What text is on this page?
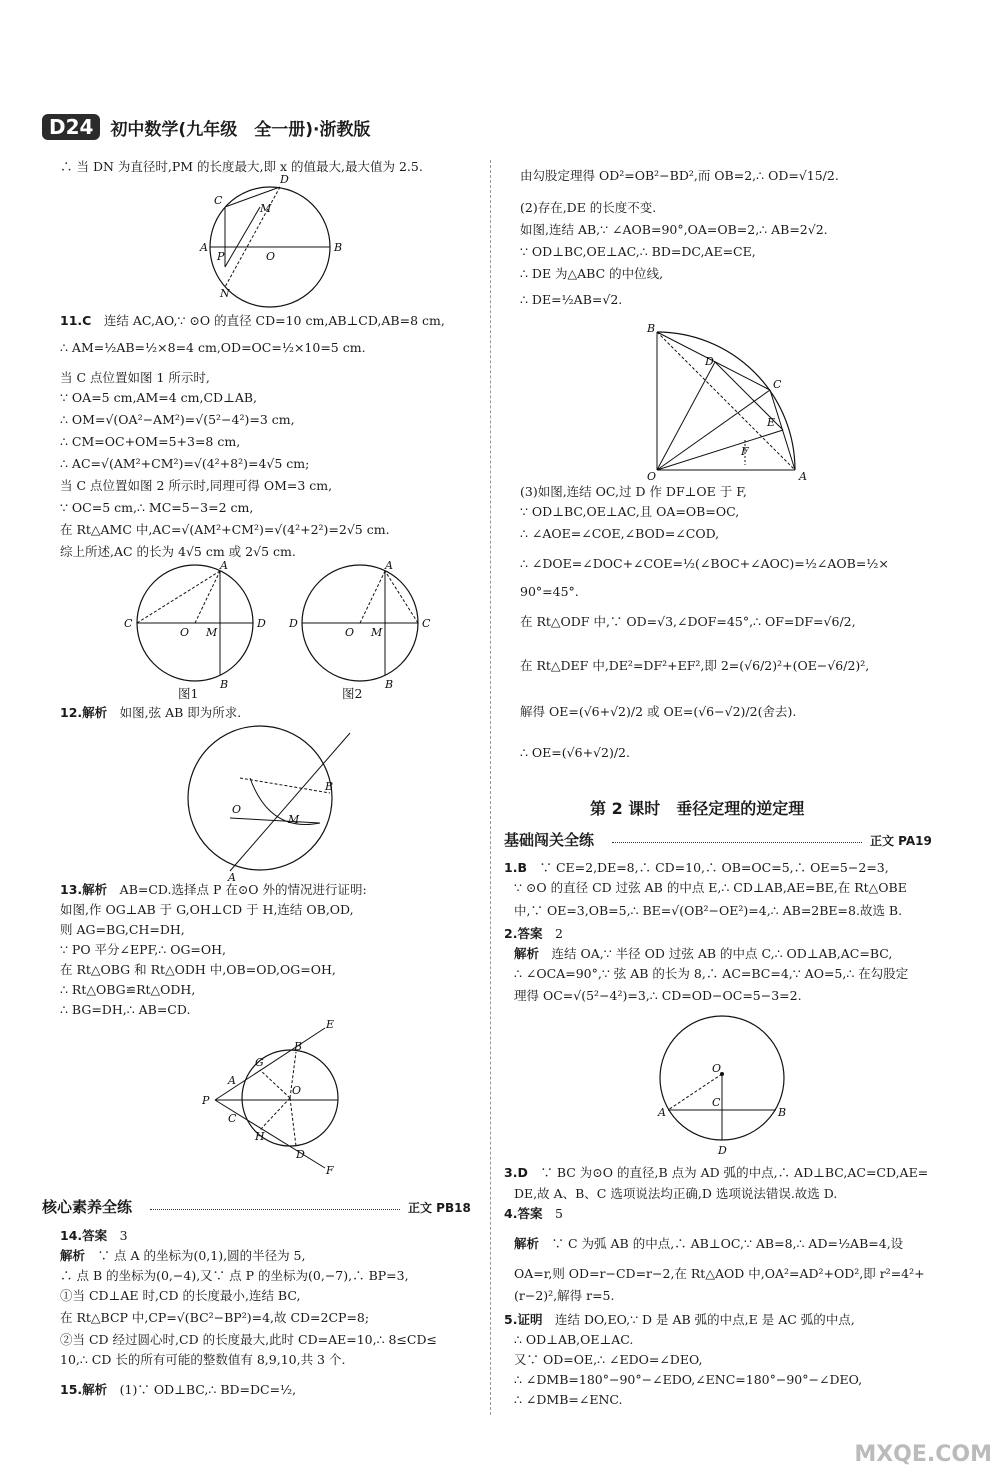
D24	初中数学(九年级　全一册)·浙教版
∴ 当 DN 为直径时,PM 的长度最大,即 x 的值最大,最大值为 2.5.
A	B
C
D
M
O
P
N
11.C　 连结 AC,AO,∵ ⊙O 的直径 CD=10 cm,AB⊥CD,AB=8 cm,
∴ AM=½AB=½×8=4 cm,OD=OC=½×10=5 cm.
当 C 点位置如图 1 所示时,
∵ OA=5 cm,AM=4 cm,CD⊥AB,
∴ OM=√(OA²−AM²)=√(5²−4²)=3 cm,
∴ CM=OC+OM=5+3=8 cm,
∴ AC=√(AM²+CM²)=√(4²+8²)=4√5 cm;
当 C 点位置如图 2 所示时,同理可得 OM=3 cm,
∵ OC=5 cm,∴ MC=5−3=2 cm,
在 Rt△AMC 中,AC=√(AM²+CM²)=√(4²+2²)=2√5 cm.
综上所述,AC 的长为 4√5 cm 或 2√5 cm.
C	D
A
B
O M
图1
D	C
A
B
O M
图2
12.解析　 如图,弦 AB 即为所求.
O
M
B
A
13.解析　 AB=CD.选择点 P 在⊙O 外的情况进行证明:
如图,作 OG⊥AB 于 G,OH⊥CD 于 H,连结 OB,OD,
则 AG=BG,CH=DH,
∵ PO 平分∠EPF,∴ OG=OH,
在 Rt△OBG 和 Rt△ODH 中,OB=OD,OG=OH,
∴ Rt△OBG≌Rt△ODH,
∴ BG=DH,∴ AB=CD.
P
A
G
B
E
O
C
H
D
F
核心素养全练	正文 PB18
14.答案　 3
解析　 ∵ 点 A 的坐标为(0,1),圆的半径为 5,
∴ 点 B 的坐标为(0,−4),又∵ 点 P 的坐标为(0,−7),∴ BP=3,
①当 CD⊥AE 时,CD 的长度最小,连结 BC,
在 Rt△BCP 中,CP=√(BC²−BP²)=4,故 CD=2CP=8;
②当 CD 经过圆心时,CD 的长度最大,此时 CD=AE=10,∴ 8≤CD≤
10,∴ CD 长的所有可能的整数值有 8,9,10,共 3 个.
15.解析　 (1)∵ OD⊥BC,∴ BD=DC=½,
由勾股定理得 OD²=OB²−BD²,而 OB=2,∴ OD=√15/2.
(2)存在,DE 的长度不变.
如图,连结 AB,∵ ∠AOB=90°,OA=OB=2,∴ AB=2√2.
∵ OD⊥BC,OE⊥AC,∴ BD=DC,AE=CE,
∴ DE 为△ABC 的中位线,
∴ DE=½AB=√2.
B
O	A
C
D
E
F
(3)如图,连结 OC,过 D 作 DF⊥OE 于 F,
∵ OD⊥BC,OE⊥AC,且 OA=OB=OC,
∴ ∠AOE=∠COE,∠BOD=∠COD,
∴ ∠DOE=∠DOC+∠COE=½(∠BOC+∠AOC)=½∠AOB=½×
90°=45°.
在 Rt△ODF 中,∵ OD=√3,∠DOF=45°,∴ OF=DF=√6/2,
在 Rt△DEF 中,DE²=DF²+EF²,即 2=(√6/2)²+(OE−√6/2)²,
解得 OE=(√6+√2)/2 或 OE=(√6−√2)/2(舍去).
∴ OE=(√6+√2)/2.
第 2 课时　垂径定理的逆定理
基础闯关全练	正文 PA19
1.B　 ∵ CE=2,DE=8,∴ CD=10,∴ OB=OC=5,∴ OE=5−2=3,
∵ ⊙O 的直径 CD 过弦 AB 的中点 E,∴ CD⊥AB,AE=BE,在 Rt△OBE
中,∵ OE=3,OB=5,∴ BE=√(OB²−OE²)=4,∴ AB=2BE=8.故选 B.
2.答案　 2
解析　 连结 OA,∵ 半径 OD 过弦 AB 的中点 C,∴ OD⊥AB,AC=BC,
∴ ∠OCA=90°,∵ 弦 AB 的长为 8,∴ AC=BC=4,∵ AO=5,∴ 在勾股定
理得 OC=√(5²−4²)=3,∴ CD=OD−OC=5−3=2.
O
C
A	B
D
3.D　 ∵ BC 为⊙O 的直径,B 点为 AD 弧的中点,∴ AD⊥BC,AC=CD,AE=
DE,故 A、B、C 选项说法均正确,D 选项说法错误.故选 D.
4.答案　 5
解析　 ∵ C 为弧 AB 的中点,∴ AB⊥OC,∵ AB=8,∴ AD=½AB=4,设
OA=r,则 OD=r−CD=r−2,在 Rt△AOD 中,OA²=AD²+OD²,即 r²=4²+
(r−2)²,解得 r=5.
5.证明　 连结 DO,EO,∵ D 是 AB 弧的中点,E 是 AC 弧的中点,
∴ OD⊥AB,OE⊥AC.
又∵ OD=OE,∴ ∠EDO=∠DEO,
∴ ∠DMB=180°−90°−∠EDO,∠ENC=180°−90°−∠DEO,
∴ ∠DMB=∠ENC.
MXQE.COM
